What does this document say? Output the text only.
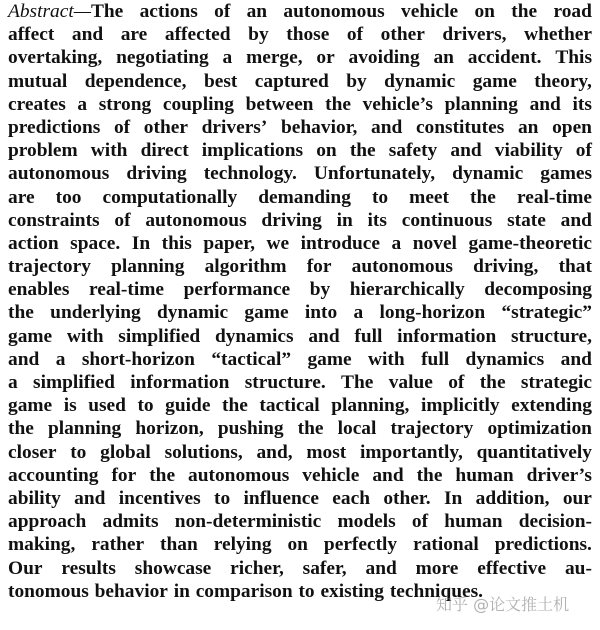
Abstract—The actions of an autonomous vehicle on the road
affect and are affected by those of other drivers, whether
overtaking, negotiating a merge, or avoiding an accident. This
mutual dependence, best captured by dynamic game theory,
creates a strong coupling between the vehicle’s planning and its
predictions of other drivers’ behavior, and constitutes an open
problem with direct implications on the safety and viability of
autonomous driving technology. Unfortunately, dynamic games
are too computationally demanding to meet the real-time
constraints of autonomous driving in its continuous state and
action space. In this paper, we introduce a novel game-theoretic
trajectory planning algorithm for autonomous driving, that
enables real-time performance by hierarchically decomposing
the underlying dynamic game into a long-horizon “strategic”
game with simplified dynamics and full information structure,
and a short-horizon “tactical” game with full dynamics and
a simplified information structure. The value of the strategic
game is used to guide the tactical planning, implicitly extending
the planning horizon, pushing the local trajectory optimization
closer to global solutions, and, most importantly, quantitatively
accounting for the autonomous vehicle and the human driver’s
ability and incentives to influence each other. In addition, our
approach admits non-deterministic models of human decision-
making, rather than relying on perfectly rational predictions.
Our results showcase richer, safer, and more effective au-
tonomous behavior in comparison to existing techniques.
知乎 @论文推土机
